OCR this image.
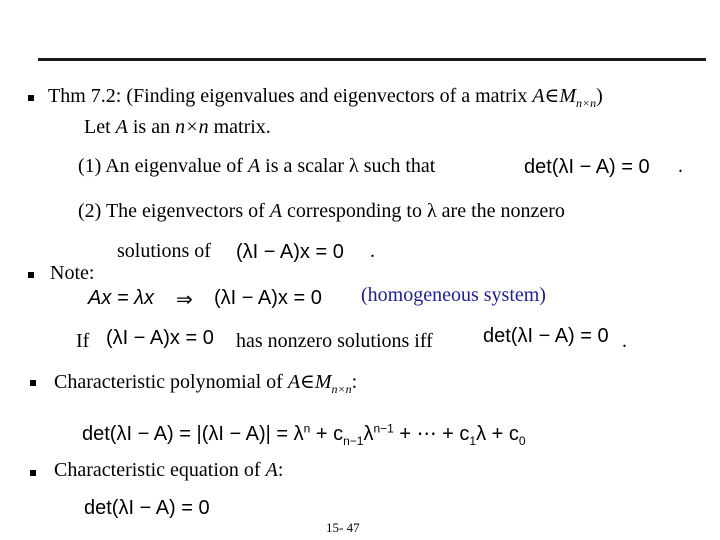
Thm 7.2: (Finding eigenvalues and eigenvectors of a matrix $A\in M_{n\times n}$)
Let A is an n×n matrix.
(1) An eigenvalue of A is a scalar λ such that	det(λI − A) = 0 .
(2) The eigenvectors of A corresponding to λ are the nonzero
solutions of (λI − A)x = 0 .
Note:
Ax = λx ⇒ (λI − A)x = 0 (homogeneous system)
If (λI − A)x = 0 has nonzero solutions iff	det(λI − A) = 0 .
Characteristic polynomial of $A\in M_{n\times n}$:
$\det(\lambda I - A) = |(\lambda I - A)| = \lambda^n + c_{n-1}\lambda^{n-1}$ + ⋯ + $c_1\lambda + c_0$
Characteristic equation of A:
det(λI − A) = 0
15- 47
